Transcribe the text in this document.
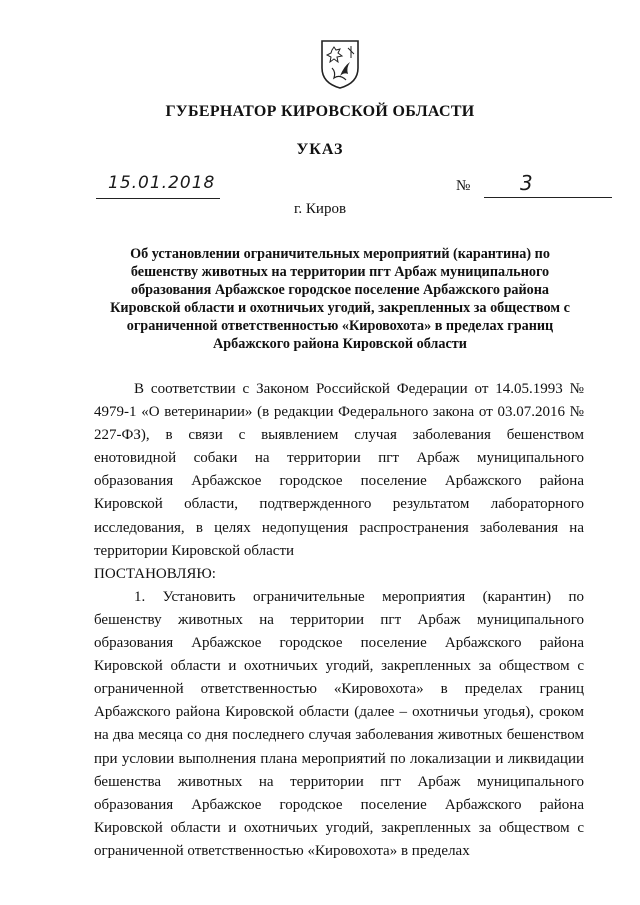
ГУБЕРНАТОР КИРОВСКОЙ ОБЛАСТИ
УКАЗ
15.01.2018	№ 3
г. Киров
Об установлении ограничительных мероприятий (карантина) по бешенству животных на территории пгт Арбаж муниципального образования Арбажское городское поселение Арбажского района Кировской области и охотничьих угодий, закрепленных за обществом с ограниченной ответственностью «Кировохота» в пределах границ Арбажского района Кировской области

В соответствии с Законом Российской Федерации от 14.05.1993 № 4979-1 «О ветеринарии» (в редакции Федерального закона от 03.07.2016 № 227-ФЗ), в связи с выявлением случая заболевания бешенством енотовидной собаки на территории пгт Арбаж муниципального образования Арбажское городское поселение Арбажского района Кировской области, подтвержденного результатом лабораторного исследования, в целях недопущения распространения заболевания на территории Кировской области

ПОСТАНОВЛЯЮ:

1. Установить ограничительные мероприятия (карантин) по бешенству животных на территории пгт Арбаж муниципального образования Арбажское городское поселение Арбажского района Кировской области и охотничьих угодий, закрепленных за обществом с ограниченной ответственностью «Кировохота» в пределах границ Арбажского района Кировской области (далее – охотничьи угодья), сроком на два месяца со дня последнего случая заболевания животных бешенством при условии выполнения плана мероприятий по локализации и ликвидации бешенства животных на территории пгт Арбаж муниципального образования Арбажское городское поселение Арбажского района Кировской области и охотничьих угодий, закрепленных за обществом с ограниченной ответственностью «Кировохота» в пределах
